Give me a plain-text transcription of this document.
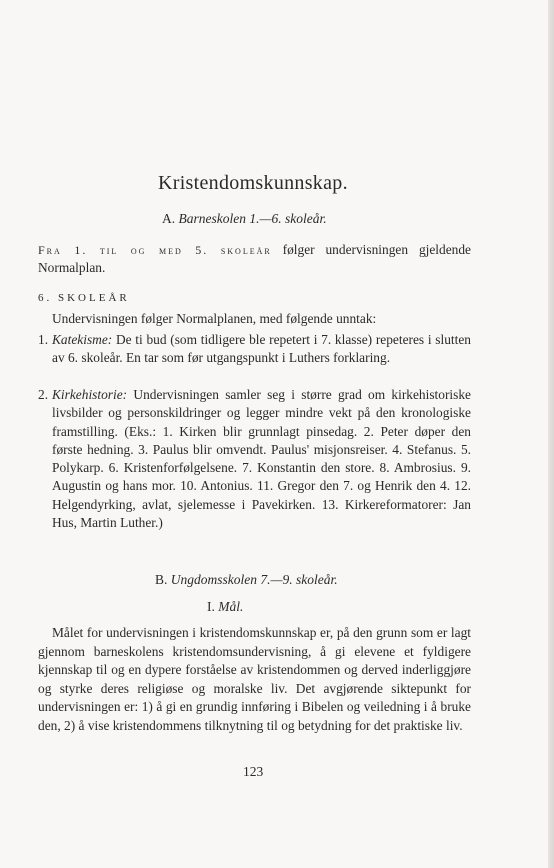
Kristendomskunnskap.
A. Barneskolen 1.—6. skoleår.
Fra 1. til og med 5. skoleår følger undervisningen gjeldende Normalplan.
6. SKOLEÅR
Undervisningen følger Normalplanen, med følgende unntak:
1. Katekisme: De ti bud (som tidligere ble repetert i 7. klasse) repeteres i slutten av 6. skoleår. En tar som før utgangspunkt i Luthers forklaring.
2. Kirkehistorie: Undervisningen samler seg i større grad om kirkehistoriske livsbilder og personskildringer og legger mindre vekt på den kronologiske framstilling. (Eks.: 1. Kirken blir grunnlagt pinsedag. 2. Peter døper den første hedning. 3. Paulus blir omvendt. Paulus' misjonsreiser. 4. Stefanus. 5. Polykarp. 6. Kristenforfølgelsene. 7. Konstantin den store. 8. Ambrosius. 9. Augustin og hans mor. 10. Antonius. 11. Gregor den 7. og Henrik den 4. 12. Helgendyrking, avlat, sjelemesse i Pavekirken. 13. Kirkereformatorer: Jan Hus, Martin Luther.)
B. Ungdomsskolen 7.—9. skoleår.
I. Mål.
Målet for undervisningen i kristendomskunnskap er, på den grunn som er lagt gjennom barneskolens kristendomsundervisning, å gi elevene et fyldigere kjennskap til og en dypere forståelse av kristendommen og derved inderliggjøre og styrke deres religiøse og moralske liv. Det avgjørende siktepunkt for undervisningen er: 1) å gi en grundig innføring i Bibelen og veiledning i å bruke den, 2) å vise kristendommens tilknytning til og betydning for det praktiske liv.
123
